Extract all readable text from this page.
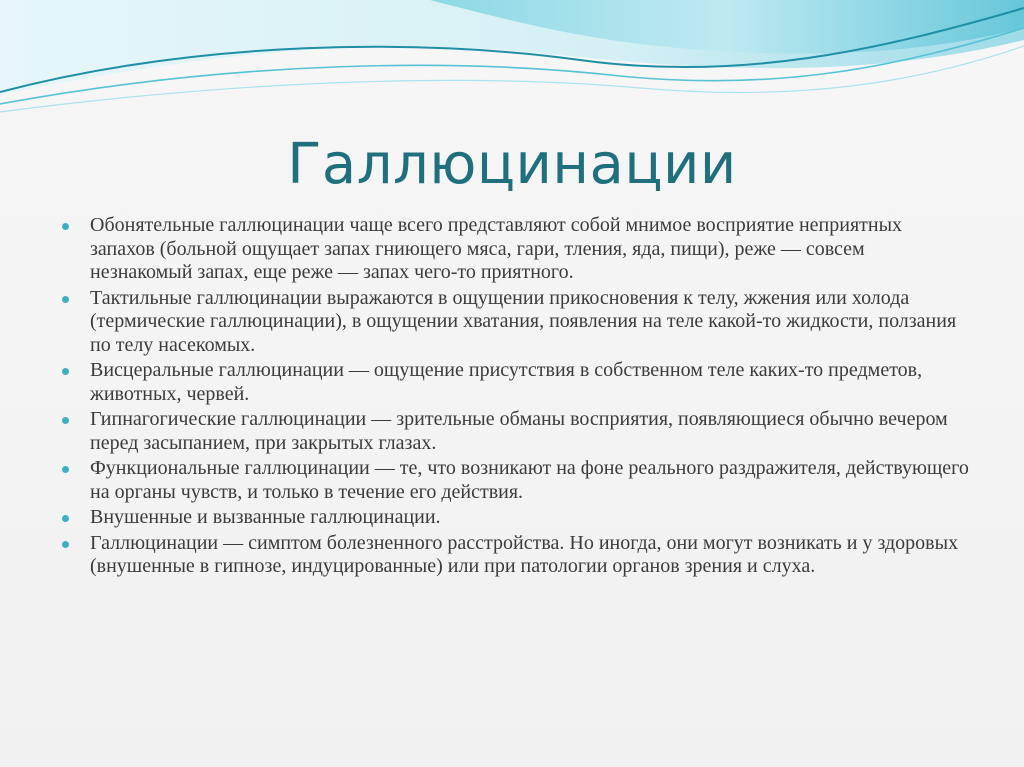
Галлюцинации
Обонятельные галлюцинации чаще всего представляют собой мнимое восприятие неприятных запахов (больной ощущает запах гниющего мяса, гари, тления, яда, пищи), реже — совсем незнакомый запах, еще реже — запах чего-то приятного.
Тактильные галлюцинации выражаются в ощущении прикосновения к телу, жжения или холода (термические галлюцинации), в ощущении хватания, появления на теле какой-то жидкости, ползания по телу насекомых.
Висцеральные галлюцинации — ощущение присутствия в собственном теле каких-то предметов, животных, червей.
Гипнагогические галлюцинации — зрительные обманы восприятия, появляющиеся обычно вечером перед засыпанием, при закрытых глазах.
Функциональные галлюцинации — те, что возникают на фоне реального раздражителя, действующего на органы чувств, и только в течение его действия.
Внушенные и вызванные галлюцинации.
Галлюцинации — симптом болезненного расстройства. Но иногда, они могут возникать и у здоровых (внушенные в гипнозе, индуцированные) или при патологии органов зрения и слуха.
